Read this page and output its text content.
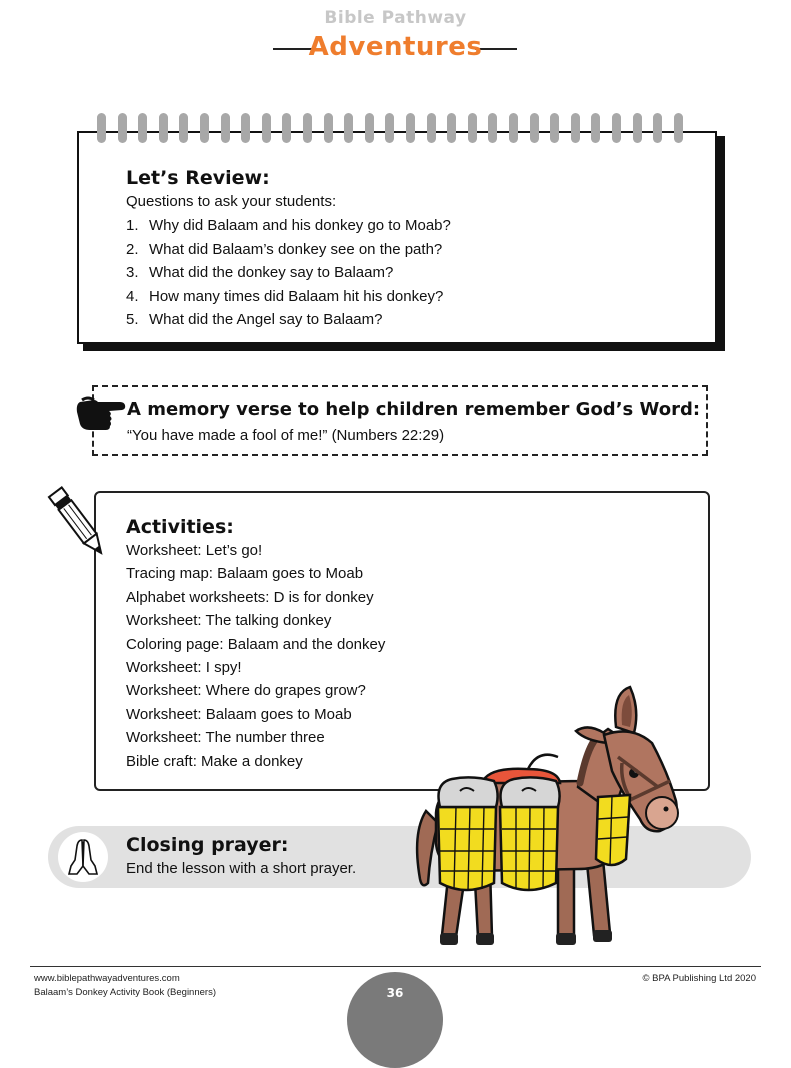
Bible Pathway
Adventures
Let’s Review:
Questions to ask your students:
1. Why did Balaam and his donkey go to Moab?
2. What did Balaam’s donkey see on the path?
3. What did the donkey say to Balaam?
4. How many times did Balaam hit his donkey?
5. What did the Angel say to Balaam?
A memory verse to help children remember God’s Word:
“You have made a fool of me!” (Numbers 22:29)
Activities:
Worksheet: Let’s go!
Tracing map: Balaam goes to Moab
Alphabet worksheets: D is for donkey
Worksheet: The talking donkey
Coloring page: Balaam and the donkey
Worksheet: I spy!
Worksheet: Where do grapes grow?
Worksheet: Balaam goes to Moab
Worksheet: The number three
Bible craft: Make a donkey
Closing prayer:
End the lesson with a short prayer.
www.biblepathwayadventures.com
Balaam’s Donkey Activity Book (Beginners)
© BPA Publishing Ltd 2020
36
